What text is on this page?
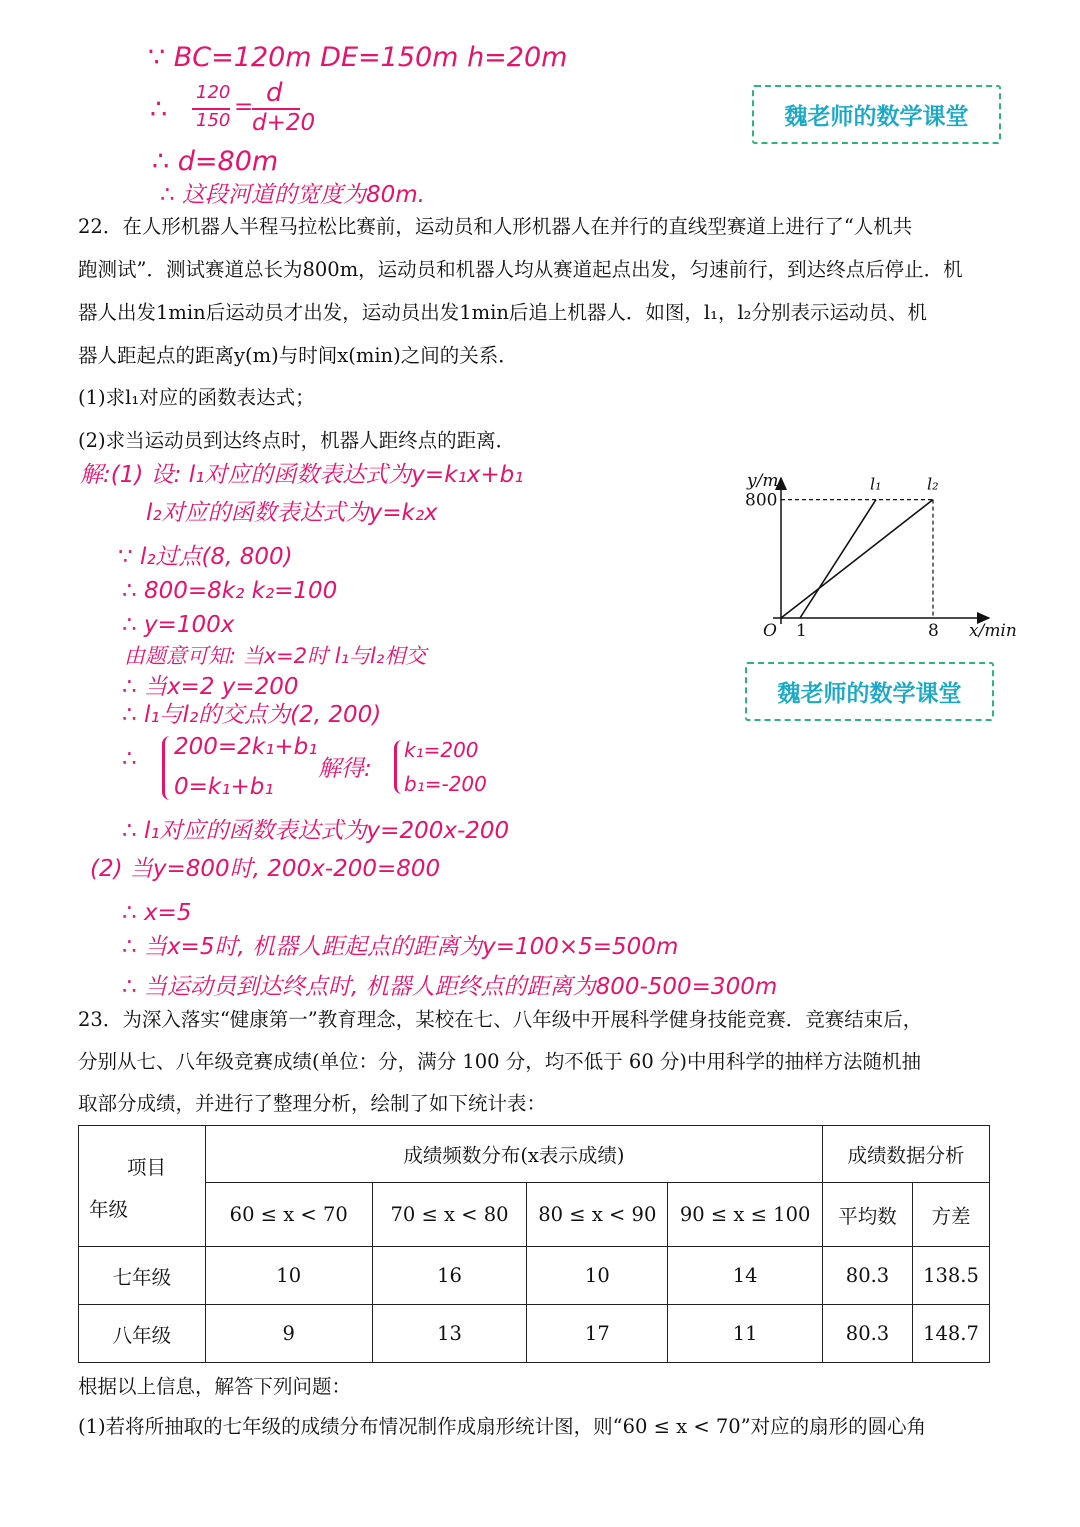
∵ BC=120m DE=150m h=20m
∴
120
150
= d
d+20
∴ d=80m
∴ 这段河道的宽度为80m.
魏老师的数学课堂
22．在人形机器人半程马拉松比赛前，运动员和人形机器人在并行的直线型赛道上进行了“人机共
跑测试”．测试赛道总长为800m，运动员和机器人均从赛道起点出发，匀速前行，到达终点后停止．机
器人出发1min后运动员才出发，运动员出发1min后追上机器人．如图，l₁，l₂分别表示运动员、机
器人距起点的距离y(m)与时间x(min)之间的关系．
(1)求l₁对应的函数表达式；
(2)求当运动员到达终点时，机器人距终点的距离．
解:(1) 设: l₁对应的函数表达式为y=k₁x+b₁
l₂对应的函数表达式为y=k₂x
∵ l₂过点(8, 800)
∴ 800=8k₂ k₂=100
∴ y=100x
由题意可知: 当x=2时 l₁与l₂相交
∴ 当x=2 y=200
∴ l₁与l₂的交点为(2, 200)
∴ 200=2k₁+b₁
0=k₁+b₁
解得:
k₁=200
b₁=-200
∴ l₁对应的函数表达式为y=200x-200
(2) 当y=800时, 200x-200=800
∴ x=5
∴ 当x=5时, 机器人距起点的距离为y=100×5=500m
∴ 当运动员到达终点时, 机器人距终点的距离为800-500=300m
l₁	l₂
O 1	8
800
x/min
y/m
魏老师的数学课堂
23．为深入落实“健康第一”教育理念，某校在七、八年级中开展科学健身技能竞赛．竞赛结束后，
分别从七、八年级竞赛成绩(单位：分，满分 100 分，均不低于 60 分)中用科学的抽样方法随机抽
取部分成绩，并进行了整理分析，绘制了如下统计表：
项目
年级	成绩频数分布(x表示成绩)				成绩数据分析	
	60 ≤ x < 70	70 ≤ x < 80	80 ≤ x < 90	90 ≤ x ≤ 100	平均数	方差
七年级	10	16	10	14	80.3	138.5
八年级	9	13	17	11	80.3	148.7
根据以上信息，解答下列问题：
(1)若将所抽取的七年级的成绩分布情况制作成扇形统计图，则“60 ≤ x < 70”对应的扇形的圆心角
